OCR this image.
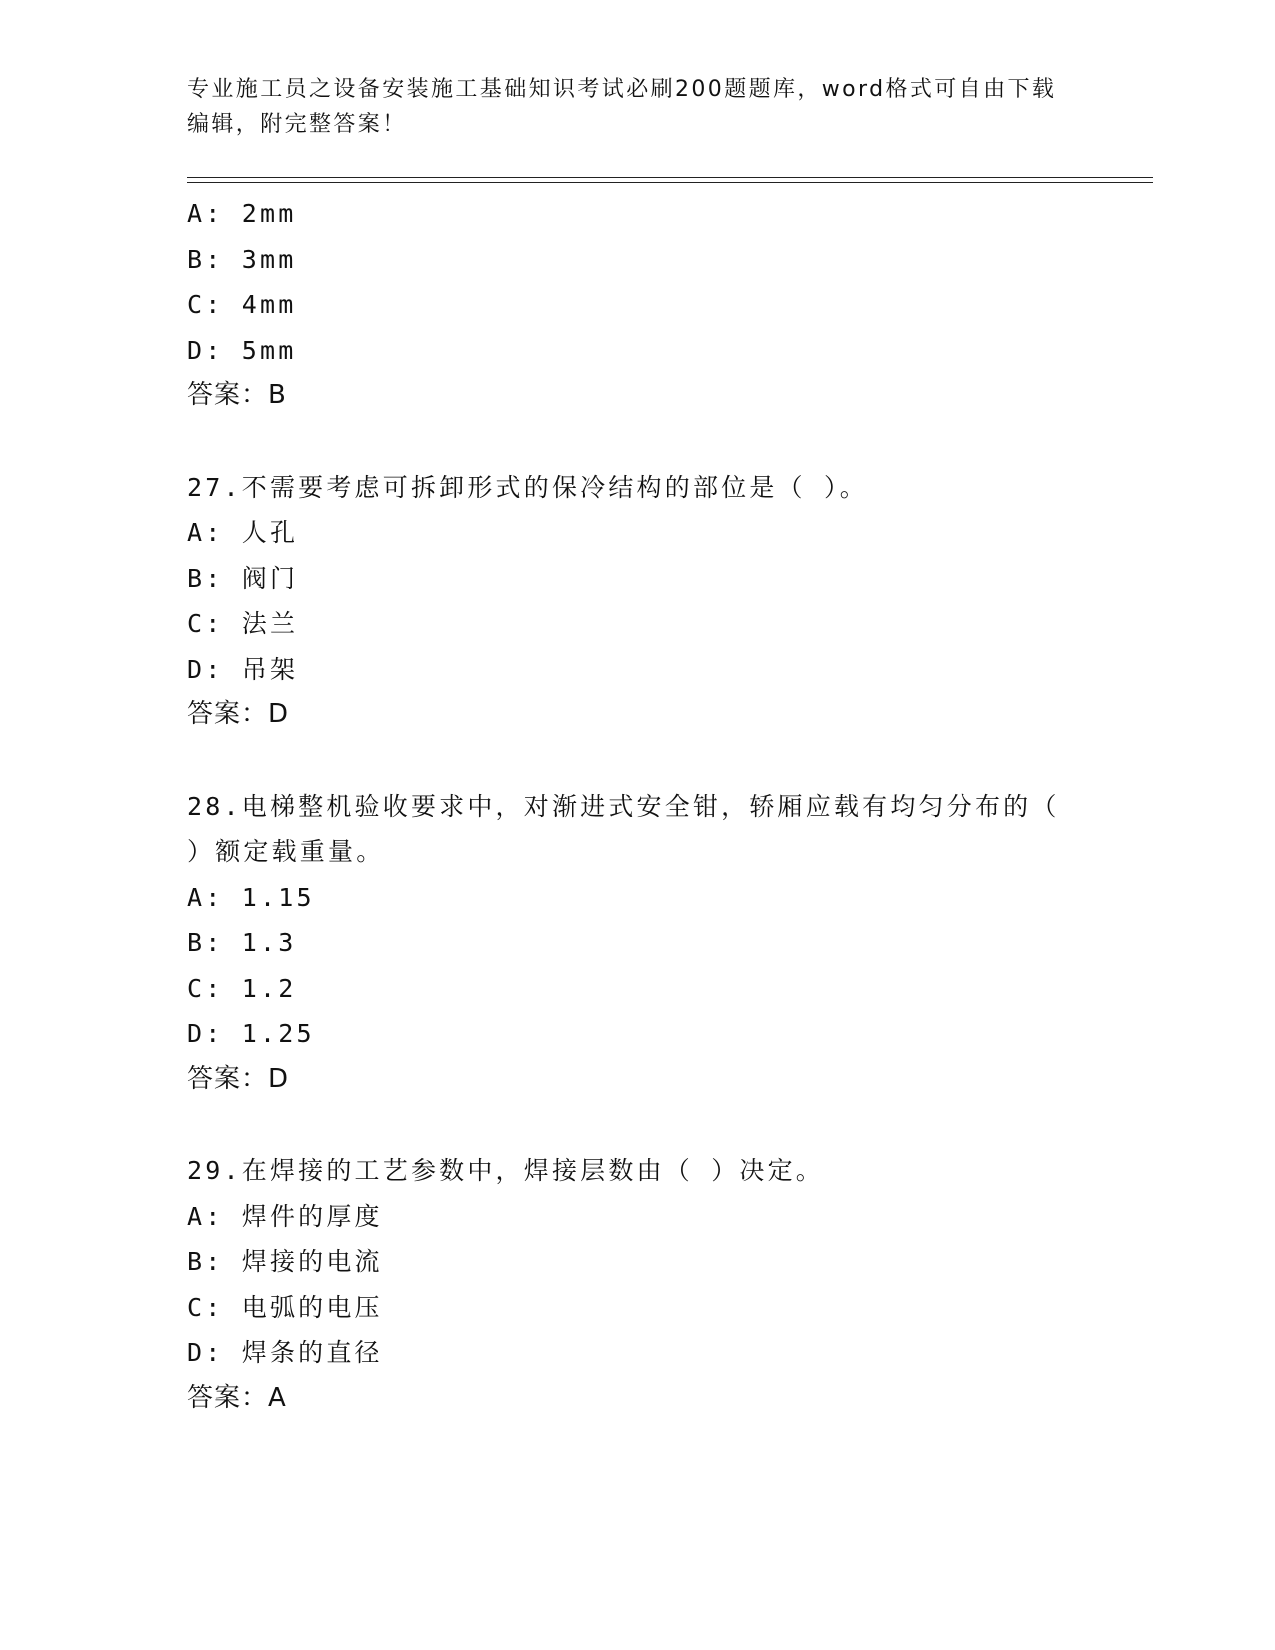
专业施工员之设备安装施工基础知识考试必刷200题题库，word格式可自由下载
编辑，附完整答案！
A: 2mm
B: 3mm
C: 4mm
D: 5mm
答案：B
27.不需要考虑可拆卸形式的保冷结构的部位是（ ）。
A: 人孔
B: 阀门
C: 法兰
D: 吊架
答案：D
28.电梯整机验收要求中，对渐进式安全钳，轿厢应载有均匀分布的（
）额定载重量。
A: 1.15
B: 1.3
C: 1.2
D: 1.25
答案：D
29.在焊接的工艺参数中，焊接层数由（ ）决定。
A: 焊件的厚度
B: 焊接的电流
C: 电弧的电压
D: 焊条的直径
答案：A
